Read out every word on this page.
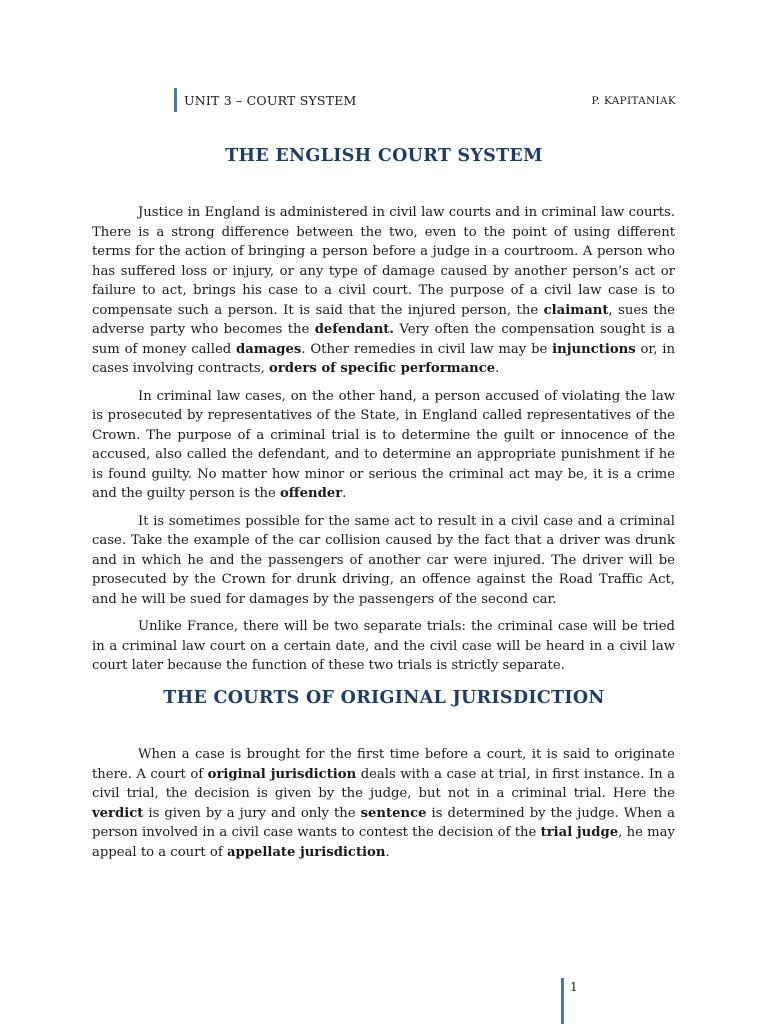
UNIT 3 – COURT SYSTEM	P. KAPITANIAK
THE ENGLISH COURT SYSTEM

Justice in England is administered in civil law courts and in criminal law courts. There is a strong difference between the two, even to the point of using different terms for the action of bringing a person before a judge in a courtroom. A person who has suffered loss or injury, or any type of damage caused by another person’s act or failure to act, brings his case to a civil court. The purpose of a civil law case is to compensate such a person. It is said that the injured person, the claimant, sues the adverse party who becomes the defendant. Very often the compensation sought is a sum of money called damages. Other remedies in civil law may be injunctions or, in cases involving contracts, orders of specific performance.

In criminal law cases, on the other hand, a person accused of violating the law is prosecuted by representatives of the State, in England called representatives of the Crown. The purpose of a criminal trial is to determine the guilt or innocence of the accused, also called the defendant, and to determine an appropriate punishment if he is found guilty. No matter how minor or serious the criminal act may be, it is a crime and the guilty person is the offender.

It is sometimes possible for the same act to result in a civil case and a criminal case. Take the example of the car collision caused by the fact that a driver was drunk and in which he and the passengers of another car were injured. The driver will be prosecuted by the Crown for drunk driving, an offence against the Road Traffic Act, and he will be sued for damages by the passengers of the second car.

Unlike France, there will be two separate trials: the criminal case will be tried in a criminal law court on a certain date, and the civil case will be heard in a civil law court later because the function of these two trials is strictly separate.

THE COURTS OF ORIGINAL JURISDICTION

When a case is brought for the first time before a court, it is said to originate there. A court of original jurisdiction deals with a case at trial, in first instance. In a civil trial, the decision is given by the judge, but not in a criminal trial. Here the verdict is given by a jury and only the sentence is determined by the judge. When a person involved in a civil case wants to contest the decision of the trial judge, he may appeal to a court of appellate jurisdiction.

1
